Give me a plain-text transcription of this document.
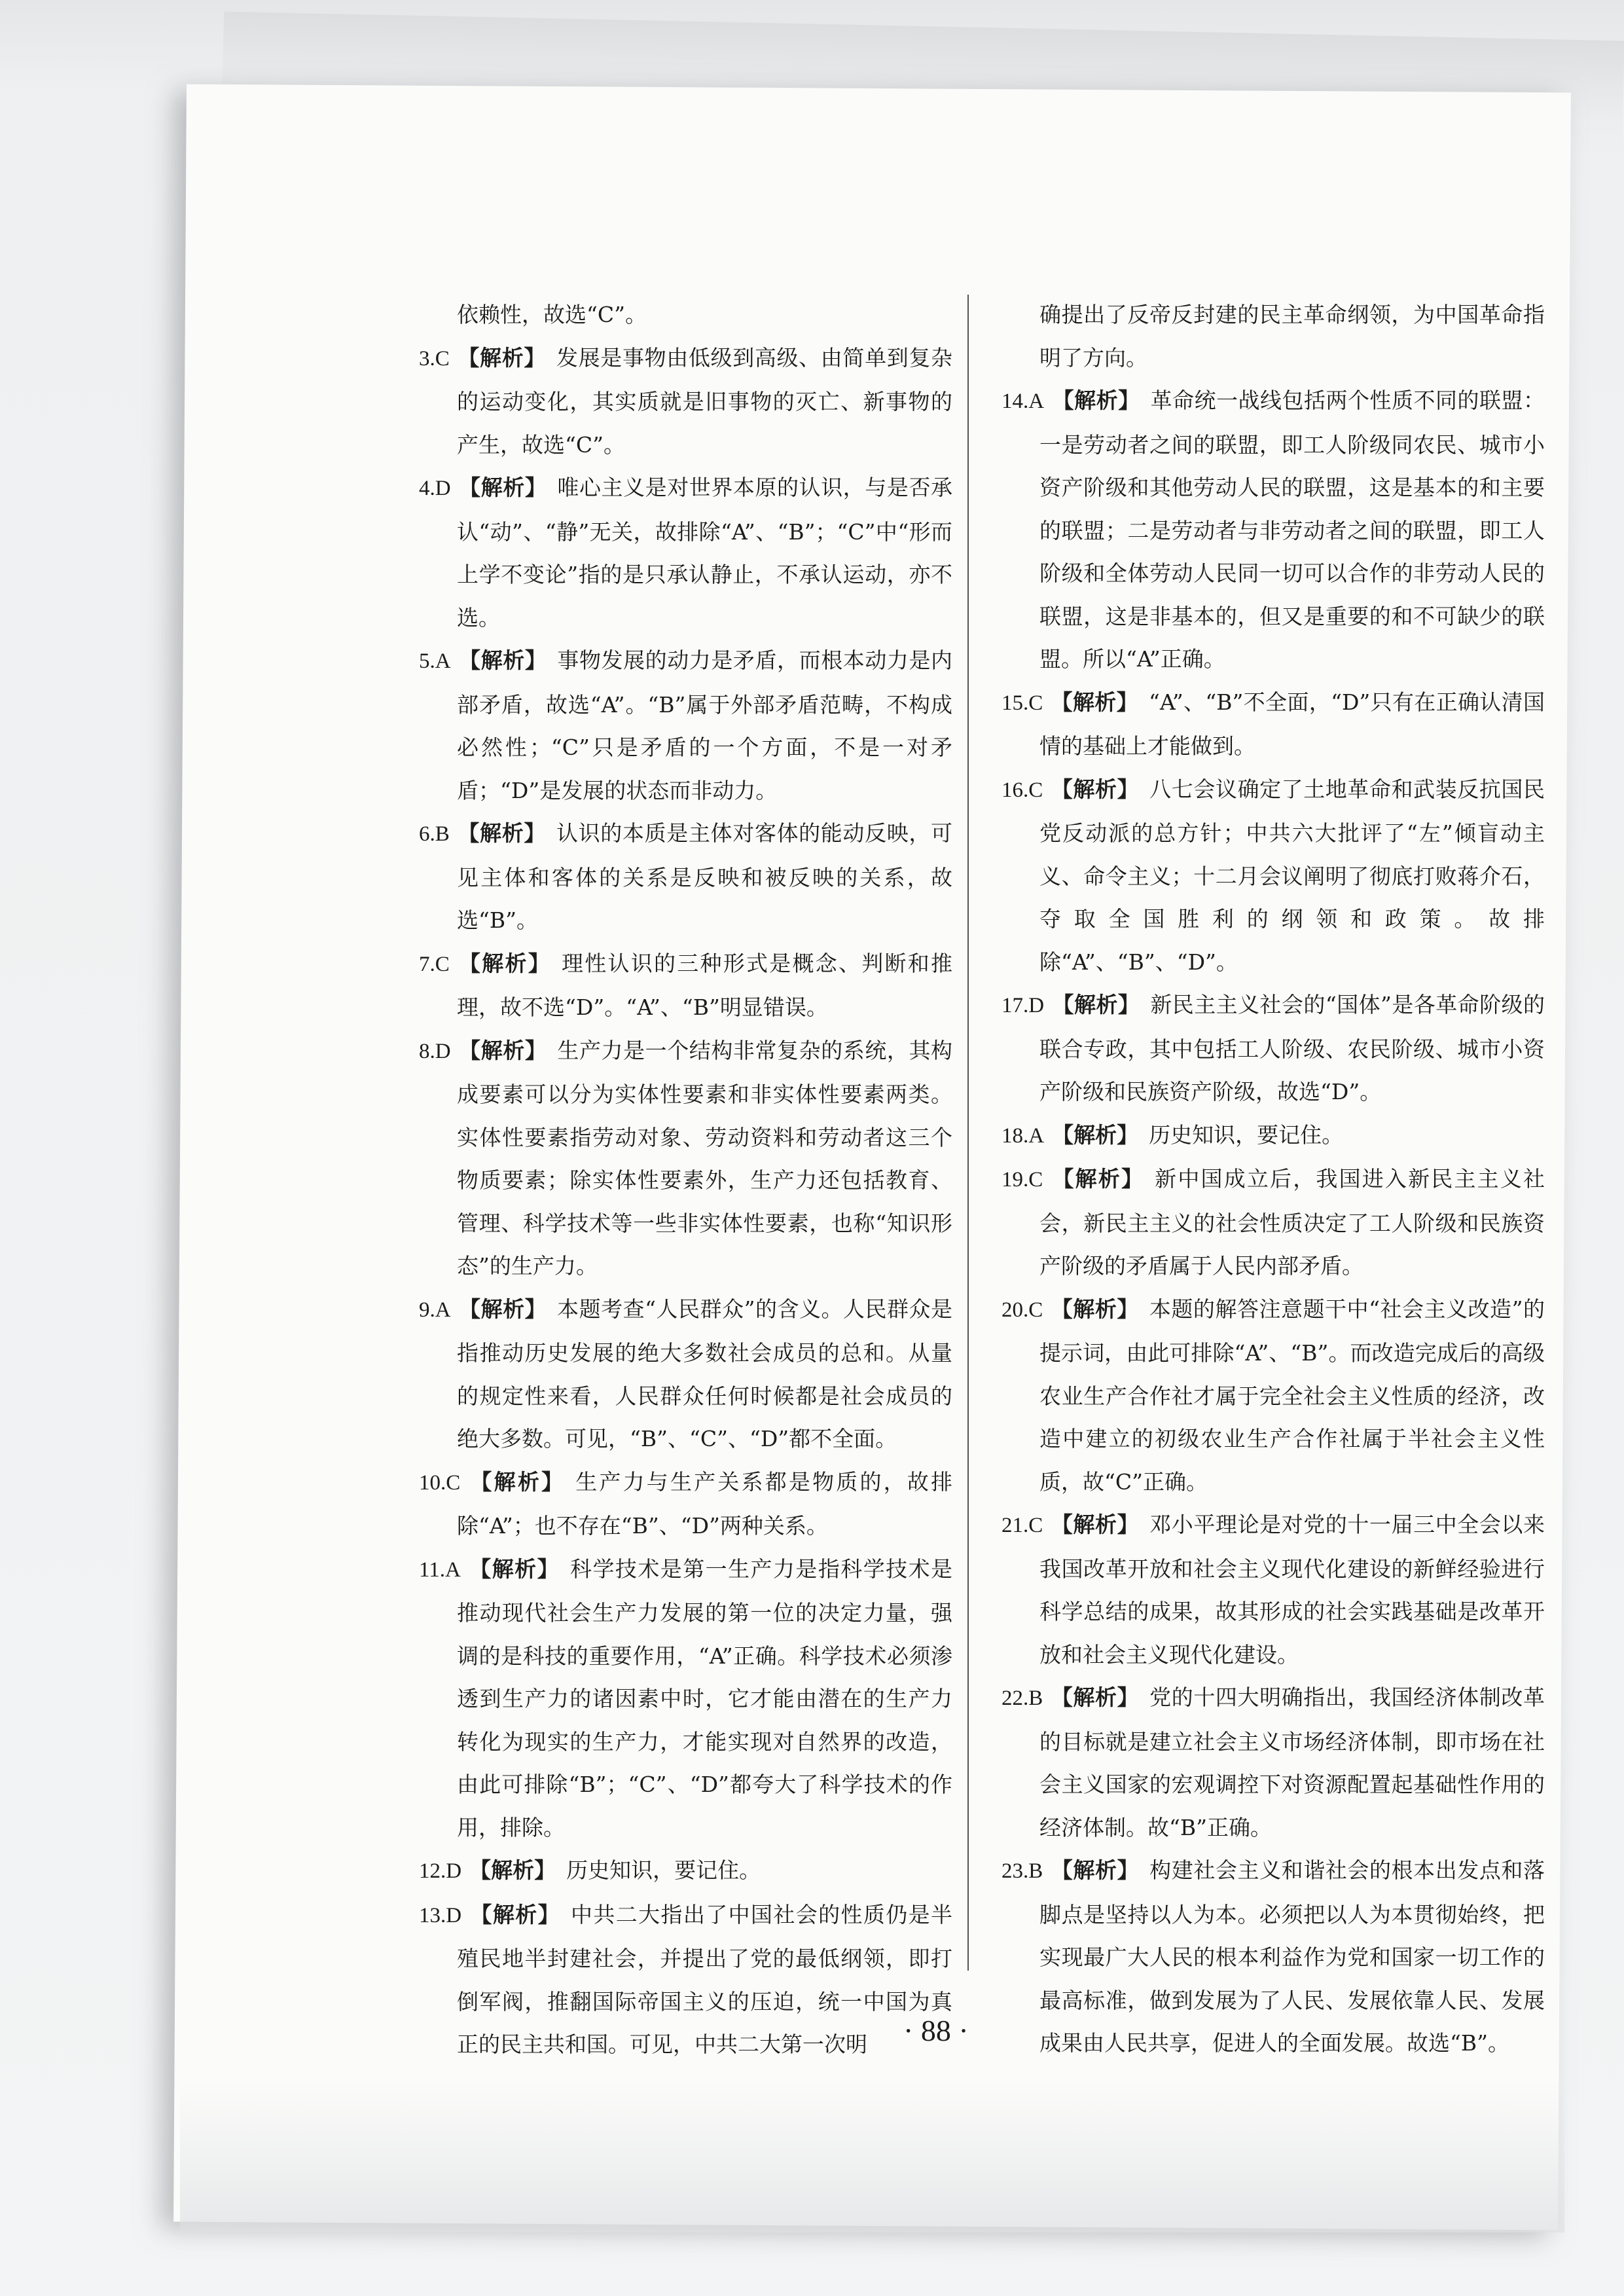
依赖性，故选“C”。
3.C 【解析】 发展是事物由低级到高级、由简单到复杂的运动变化，其实质就是旧事物的灭亡、新事物的产生，故选“C”。
4.D 【解析】 唯心主义是对世界本原的认识，与是否承认“动”、“静”无关，故排除“A”、“B”；“C”中“形而上学不变论”指的是只承认静止，不承认运动，亦不选。
5.A 【解析】 事物发展的动力是矛盾，而根本动力是内部矛盾，故选“A”。“B”属于外部矛盾范畴，不构成必然性；“C”只是矛盾的一个方面，不是一对矛盾；“D”是发展的状态而非动力。
6.B 【解析】 认识的本质是主体对客体的能动反映，可见主体和客体的关系是反映和被反映的关系，故选“B”。
7.C 【解析】 理性认识的三种形式是概念、判断和推理，故不选“D”。“A”、“B”明显错误。
8.D 【解析】 生产力是一个结构非常复杂的系统，其构成要素可以分为实体性要素和非实体性要素两类。实体性要素指劳动对象、劳动资料和劳动者这三个物质要素；除实体性要素外，生产力还包括教育、管理、科学技术等一些非实体性要素，也称“知识形态”的生产力。
9.A 【解析】 本题考查“人民群众”的含义。人民群众是指推动历史发展的绝大多数社会成员的总和。从量的规定性来看，人民群众任何时候都是社会成员的绝大多数。可见，“B”、“C”、“D”都不全面。
10.C 【解析】 生产力与生产关系都是物质的，故排除“A”；也不存在“B”、“D”两种关系。
11.A 【解析】 科学技术是第一生产力是指科学技术是推动现代社会生产力发展的第一位的决定力量，强调的是科技的重要作用，“A”正确。科学技术必须渗透到生产力的诸因素中时，它才能由潜在的生产力转化为现实的生产力，才能实现对自然界的改造，由此可排除“B”；“C”、“D”都夸大了科学技术的作用，排除。
12.D 【解析】 历史知识，要记住。
13.D 【解析】 中共二大指出了中国社会的性质仍是半殖民地半封建社会，并提出了党的最低纲领，即打倒军阀，推翻国际帝国主义的压迫，统一中国为真正的民主共和国。可见，中共二大第一次明
确提出了反帝反封建的民主革命纲领，为中国革命指明了方向。
14.A 【解析】 革命统一战线包括两个性质不同的联盟：一是劳动者之间的联盟，即工人阶级同农民、城市小资产阶级和其他劳动人民的联盟，这是基本的和主要的联盟；二是劳动者与非劳动者之间的联盟，即工人阶级和全体劳动人民同一切可以合作的非劳动人民的联盟，这是非基本的，但又是重要的和不可缺少的联盟。所以“A”正确。
15.C 【解析】 “A”、“B”不全面，“D”只有在正确认清国情的基础上才能做到。
16.C 【解析】 八七会议确定了土地革命和武装反抗国民党反动派的总方针；中共六大批评了“左”倾盲动主义、命令主义；十二月会议阐明了彻底打败蒋介石，夺取全国胜利的纲领和政策。故排除“A”、“B”、“D”。
17.D 【解析】 新民主主义社会的“国体”是各革命阶级的联合专政，其中包括工人阶级、农民阶级、城市小资产阶级和民族资产阶级，故选“D”。
18.A 【解析】 历史知识，要记住。
19.C 【解析】 新中国成立后，我国进入新民主主义社会，新民主主义的社会性质决定了工人阶级和民族资产阶级的矛盾属于人民内部矛盾。
20.C 【解析】 本题的解答注意题干中“社会主义改造”的提示词，由此可排除“A”、“B”。而改造完成后的高级农业生产合作社才属于完全社会主义性质的经济，改造中建立的初级农业生产合作社属于半社会主义性质，故“C”正确。
21.C 【解析】 邓小平理论是对党的十一届三中全会以来我国改革开放和社会主义现代化建设的新鲜经验进行科学总结的成果，故其形成的社会实践基础是改革开放和社会主义现代化建设。
22.B 【解析】 党的十四大明确指出，我国经济体制改革的目标就是建立社会主义市场经济体制，即市场在社会主义国家的宏观调控下对资源配置起基础性作用的经济体制。故“B”正确。
23.B 【解析】 构建社会主义和谐社会的根本出发点和落脚点是坚持以人为本。必须把以人为本贯彻始终，把实现最广大人民的根本利益作为党和国家一切工作的最高标准，做到发展为了人民、发展依靠人民、发展成果由人民共享，促进人的全面发展。故选“B”。
· 88 ·
